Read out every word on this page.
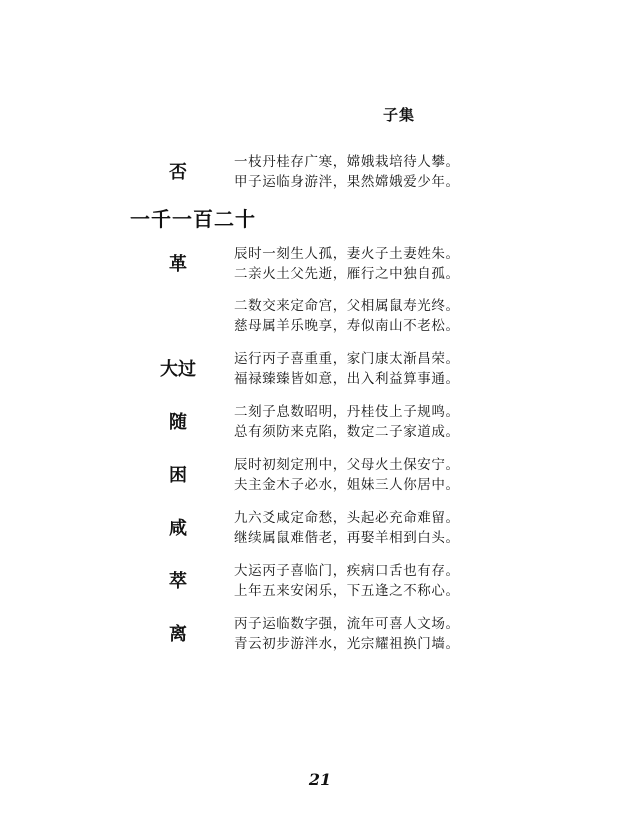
子集
否	一枝丹桂存广寒，嫦娥栽培待人攀。
甲子运临身游泮，果然嫦娥爱少年。
一千一百二十
革	辰时一刻生人孤，妻火子土妻姓朱。
二亲火土父先逝，雁行之中独自孤。
二数交来定命宫，父相属鼠寿光终。
慈母属羊乐晚享，寿似南山不老松。
大过	运行丙子喜重重，家门康太渐昌荣。
福禄臻臻皆如意，出入利益算事通。
随	二刻子息数昭明，丹桂伎上子规鸣。
总有须防来克陷，数定二子家道成。
困	辰时初刻定刑中，父母火土保安宁。
夫主金木子必水，姐妹三人你居中。
咸	九六爻咸定命愁，头起必充命难留。
继续属鼠难偕老，再娶羊相到白头。
萃	大运丙子喜临门，疾病口舌也有存。
上年五来安闲乐，下五逢之不称心。
离	丙子运临数字强，流年可喜人文场。
青云初步游泮水，光宗耀祖换门墙。
21
